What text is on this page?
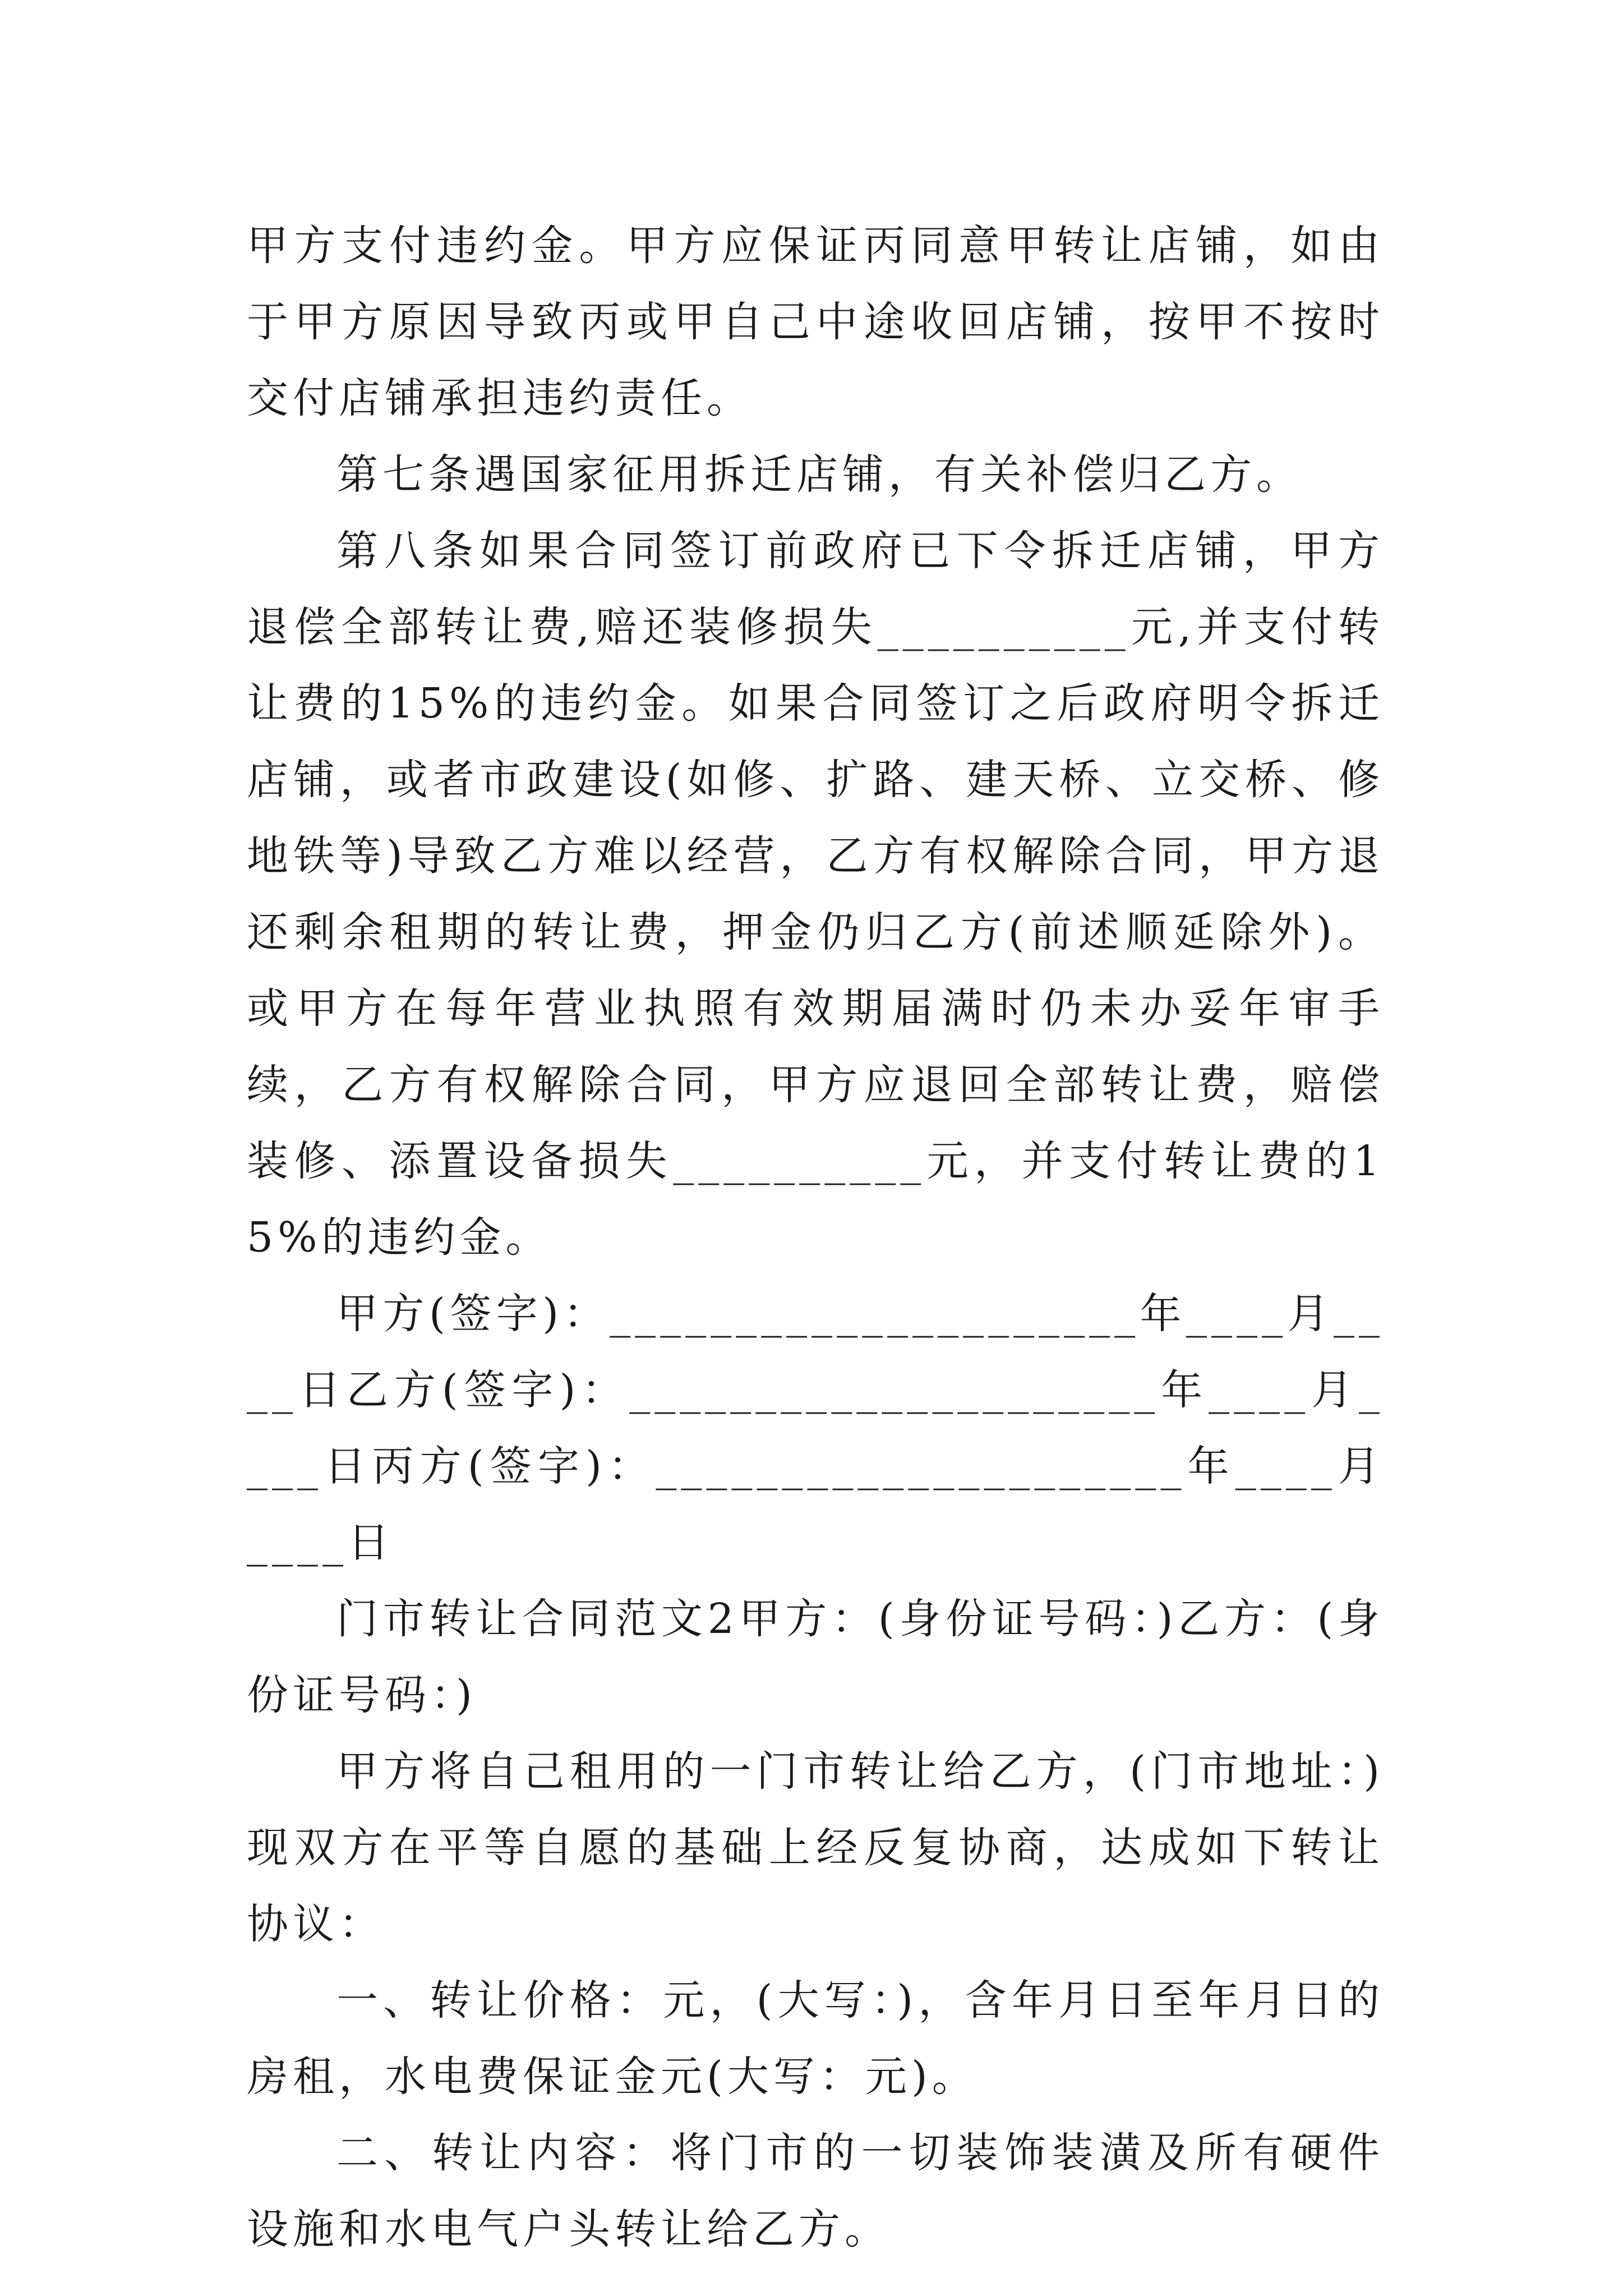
甲方支付违约金。甲方应保证丙同意甲转让店铺，如由于甲方原因导致丙或甲自己中途收回店铺，按甲不按时交付店铺承担违约责任。

第七条遇国家征用拆迁店铺，有关补偿归乙方。

第八条如果合同签订前政府已下令拆迁店铺，甲方退偿全部转让费,赔还装修损失__________元,并支付转让费的15%的违约金。如果合同签订之后政府明令拆迁店铺，或者市政建设(如修、扩路、建天桥、立交桥、修地铁等)导致乙方难以经营，乙方有权解除合同，甲方退还剩余租期的转让费，押金仍归乙方(前述顺延除外)。或甲方在每年营业执照有效期届满时仍未办妥年审手续，乙方有权解除合同，甲方应退回全部转让费，赔偿装修、添置设备损失__________元，并支付转让费的15%的违约金。

甲方(签字)：_____________________年____月____日乙方(签字)：_____________________年____月____日丙方(签字)：_____________________年____月____日

门市转让合同范文2甲方：(身份证号码：)乙方：(身份证号码：)

甲方将自己租用的一门市转让给乙方，(门市地址：)现双方在平等自愿的基础上经反复协商，达成如下转让协议：

一、转让价格：元，(大写：)，含年月日至年月日的房租，水电费保证金元(大写：元)。

二、转让内容：将门市的一切装饰装潢及所有硬件设施和水电气户头转让给乙方。
